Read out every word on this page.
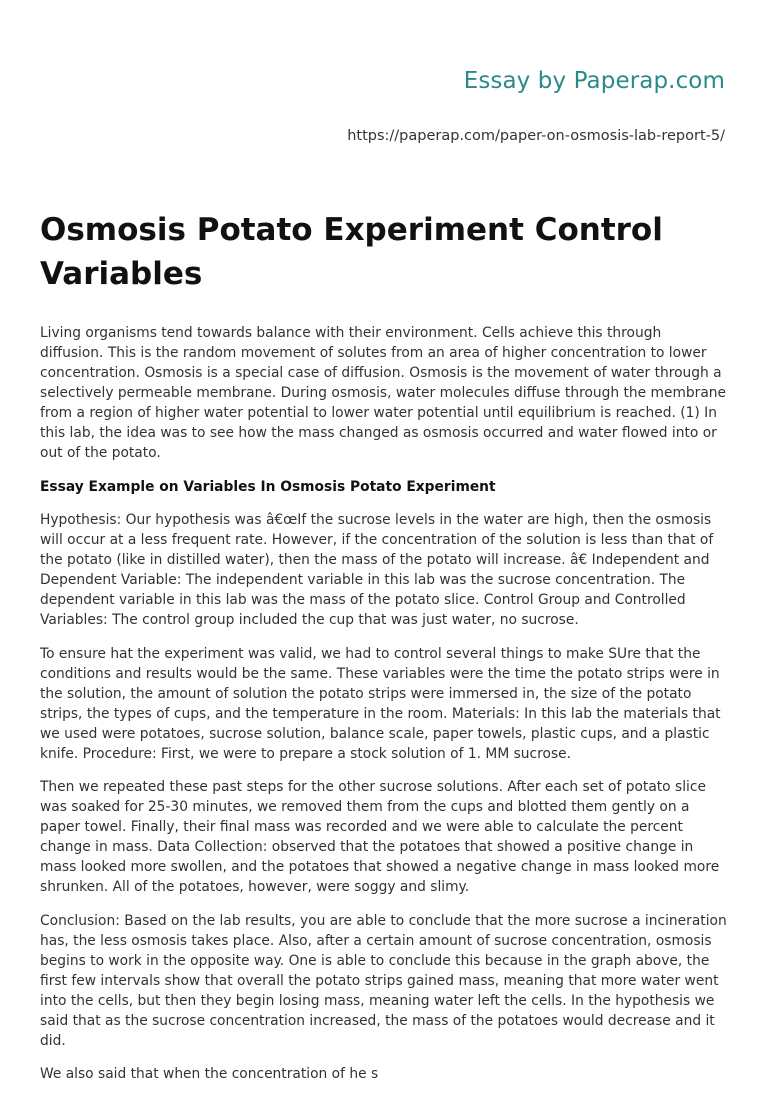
Essay by Paperap.com
https://paperap.com/paper-on-osmosis-lab-report-5/
Osmosis Potato Experiment Control Variables

Living organisms tend towards balance with their environment. Cells achieve this through diffusion. This is the random movement of solutes from an area of higher concentration to lower concentration. Osmosis is a special case of diffusion. Osmosis is the movement of water through a selectively permeable membrane. During osmosis, water molecules diffuse through the membrane from a region of higher water potential to lower water potential until equilibrium is reached. (1) In this lab, the idea was to see how the mass changed as osmosis occurred and water flowed into or out of the potato.

Essay Example on Variables In Osmosis Potato Experiment

Hypothesis: Our hypothesis was â€œIf the sucrose levels in the water are high, then the osmosis will occur at a less frequent rate. However, if the concentration of the solution is less than that of the potato (like in distilled water), then the mass of the potato will increase. â€ Independent and Dependent Variable: The independent variable in this lab was the sucrose concentration. The dependent variable in this lab was the mass of the potato slice. Control Group and Controlled Variables: The control group included the cup that was just water, no sucrose.

To ensure hat the experiment was valid, we had to control several things to make SUre that the conditions and results would be the same. These variables were the time the potato strips were in the solution, the amount of solution the potato strips were immersed in, the size of the potato strips, the types of cups, and the temperature in the room. Materials: In this lab the materials that we used were potatoes, sucrose solution, balance scale, paper towels, plastic cups, and a plastic knife. Procedure: First, we were to prepare a stock solution of 1. MM sucrose.

Then we repeated these past steps for the other sucrose solutions. After each set of potato slice was soaked for 25-30 minutes, we removed them from the cups and blotted them gently on a paper towel. Finally, their final mass was recorded and we were able to calculate the percent change in mass. Data Collection: observed that the potatoes that showed a positive change in mass looked more swollen, and the potatoes that showed a negative change in mass looked more shrunken. All of the potatoes, however, were soggy and slimy.

Conclusion: Based on the lab results, you are able to conclude that the more sucrose a incineration has, the less osmosis takes place. Also, after a certain amount of sucrose concentration, osmosis begins to work in the opposite way. One is able to conclude this because in the graph above, the first few intervals show that overall the potato strips gained mass, meaning that more water went into the cells, but then they begin losing mass, meaning water left the cells. In the hypothesis we said that as the sucrose concentration increased, the mass of the potatoes would decrease and it did.

We also said that when the concentration of he s
